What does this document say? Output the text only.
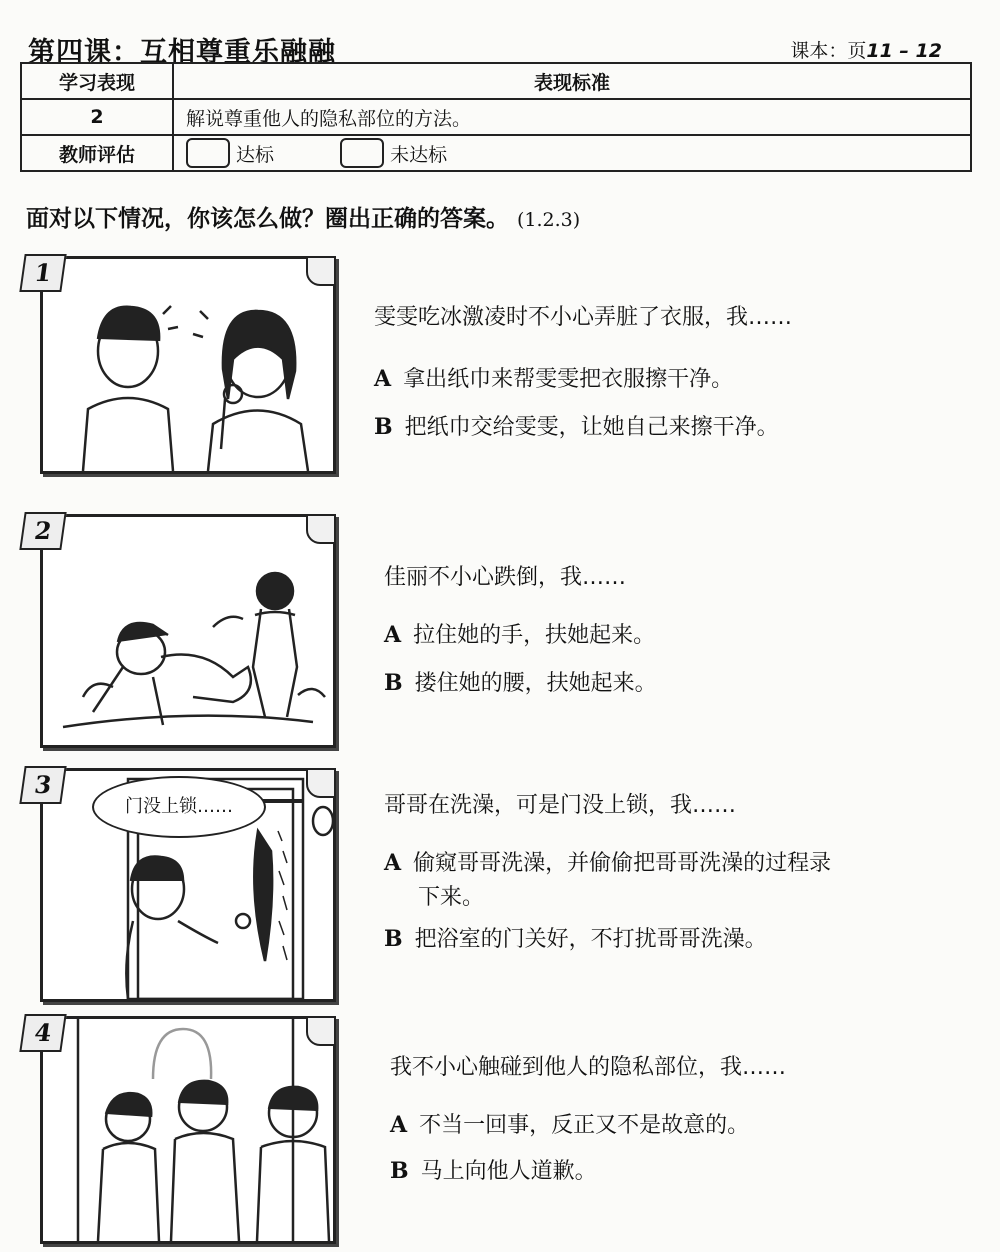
第四课：互相尊重乐融融	课本：页11 – 12
学习表现	表现标准
2	解说尊重他人的隐私部位的方法。
教师评估	达标 未达标
面对以下情况，你该怎么做？圈出正确的答案。 (1.2.3)
1
雯雯吃冰激凌时不小心弄脏了衣服，我……
A 拿出纸巾来帮雯雯把衣服擦干净。
B 把纸巾交给雯雯，让她自己来擦干净。
2
佳丽不小心跌倒，我……
A 拉住她的手，扶她起来。
B 搂住她的腰，扶她起来。
3
门没上锁……	哥哥在洗澡，可是门没上锁，我……
A 偷窥哥哥洗澡，并偷偷把哥哥洗澡的过程录
下来。
B 把浴室的门关好，不打扰哥哥洗澡。
4
我不小心触碰到他人的隐私部位，我……
A 不当一回事，反正又不是故意的。
B 马上向他人道歉。
